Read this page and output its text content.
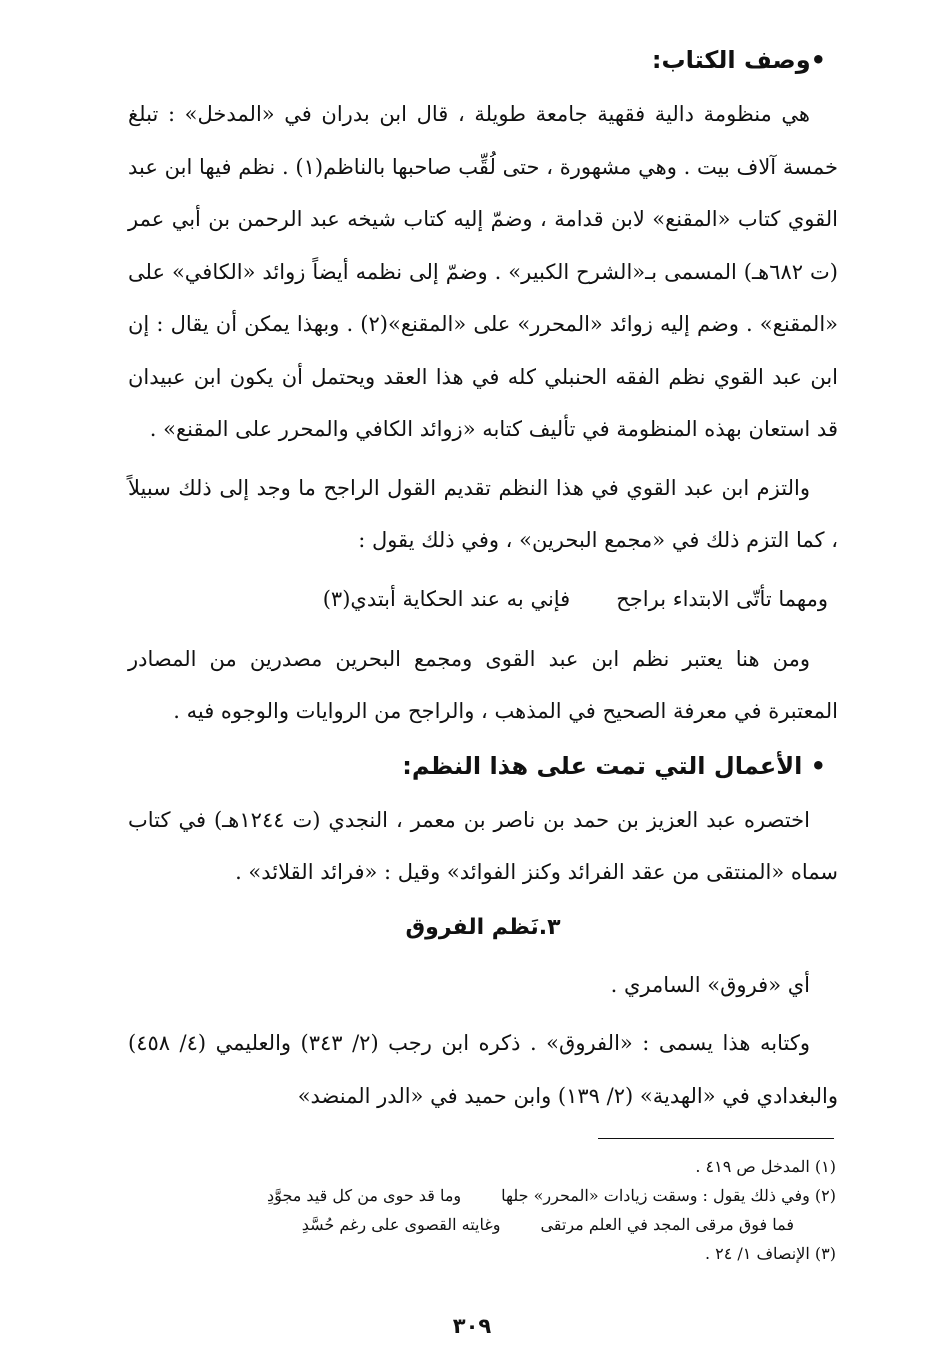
•وصف الكتاب:

هي منظومة دالية فقهية جامعة طويلة ، قال ابن بدران في «المدخل» : تبلغ خمسة آلاف بيت . وهي مشهورة ، حتى لُقِّب صاحبها بالناظم(١) . نظم فيها ابن عبد القوي كتاب «المقنع» لابن قدامة ، وضمّ إليه كتاب شيخه عبد الرحمن بن أبي عمر (ت ٦٨٢هـ) المسمى بـ«الشرح الكبير» . وضمّ إلى نظمه أيضاً زوائد «الكافي» على «المقنع» . وضم إليه زوائد «المحرر» على «المقنع»(٢) . وبهذا يمكن أن يقال : إن ابن عبد القوي نظم الفقه الحنبلي كله في هذا العقد ويحتمل أن يكون ابن عبيدان قد استعان بهذه المنظومة في تأليف كتابه «زوائد الكافي والمحرر على المقنع» .

والتزم ابن عبد القوي في هذا النظم تقديم القول الراجح ما وجد إلى ذلك سبيلاً ، كما التزم ذلك في «مجمع البحرين» ، وفي ذلك يقول :

ومهما تأتّى الابتداء براجح
فإني به عند الحكاية أبتدي(٣)

ومن هنا يعتبر نظم ابن عبد القوى ومجمع البحرين مصدرين من المصادر المعتبرة في معرفة الصحيح في المذهب ، والراجح من الروايات والوجوه فيه .

• الأعمال التي تمت على هذا النظم:

اختصره عبد العزيز بن حمد بن ناصر بن معمر ، النجدي (ت ١٢٤٤هـ) في كتاب سماه «المنتقى من عقد الفرائد وكنز الفوائد» وقيل : «فرائد القلائد» .

٣.نَظم الفروق

أي «فروق» السامري .

وكتابه هذا يسمى : «الفروق» . ذكره ابن رجب (٢/ ٣٤٣) والعليمي (٤/ ٤٥٨) والبغدادي في «الهدية» (٢/ ١٣٩) وابن حميد في «الدر المنضد»

(١) المدخل ص ٤١٩ .
(٢) وفي ذلك يقول : وسقت زيادات «المحرر» جلها
وما قد حوى من كل قيد مجوَّدِ
فما فوق مرقى المجد في العلم مرتقى
وغايته القصوى على رغم حُسَّدِ
(٣) الإنصاف ١/ ٢٤ .
٣٠٩
